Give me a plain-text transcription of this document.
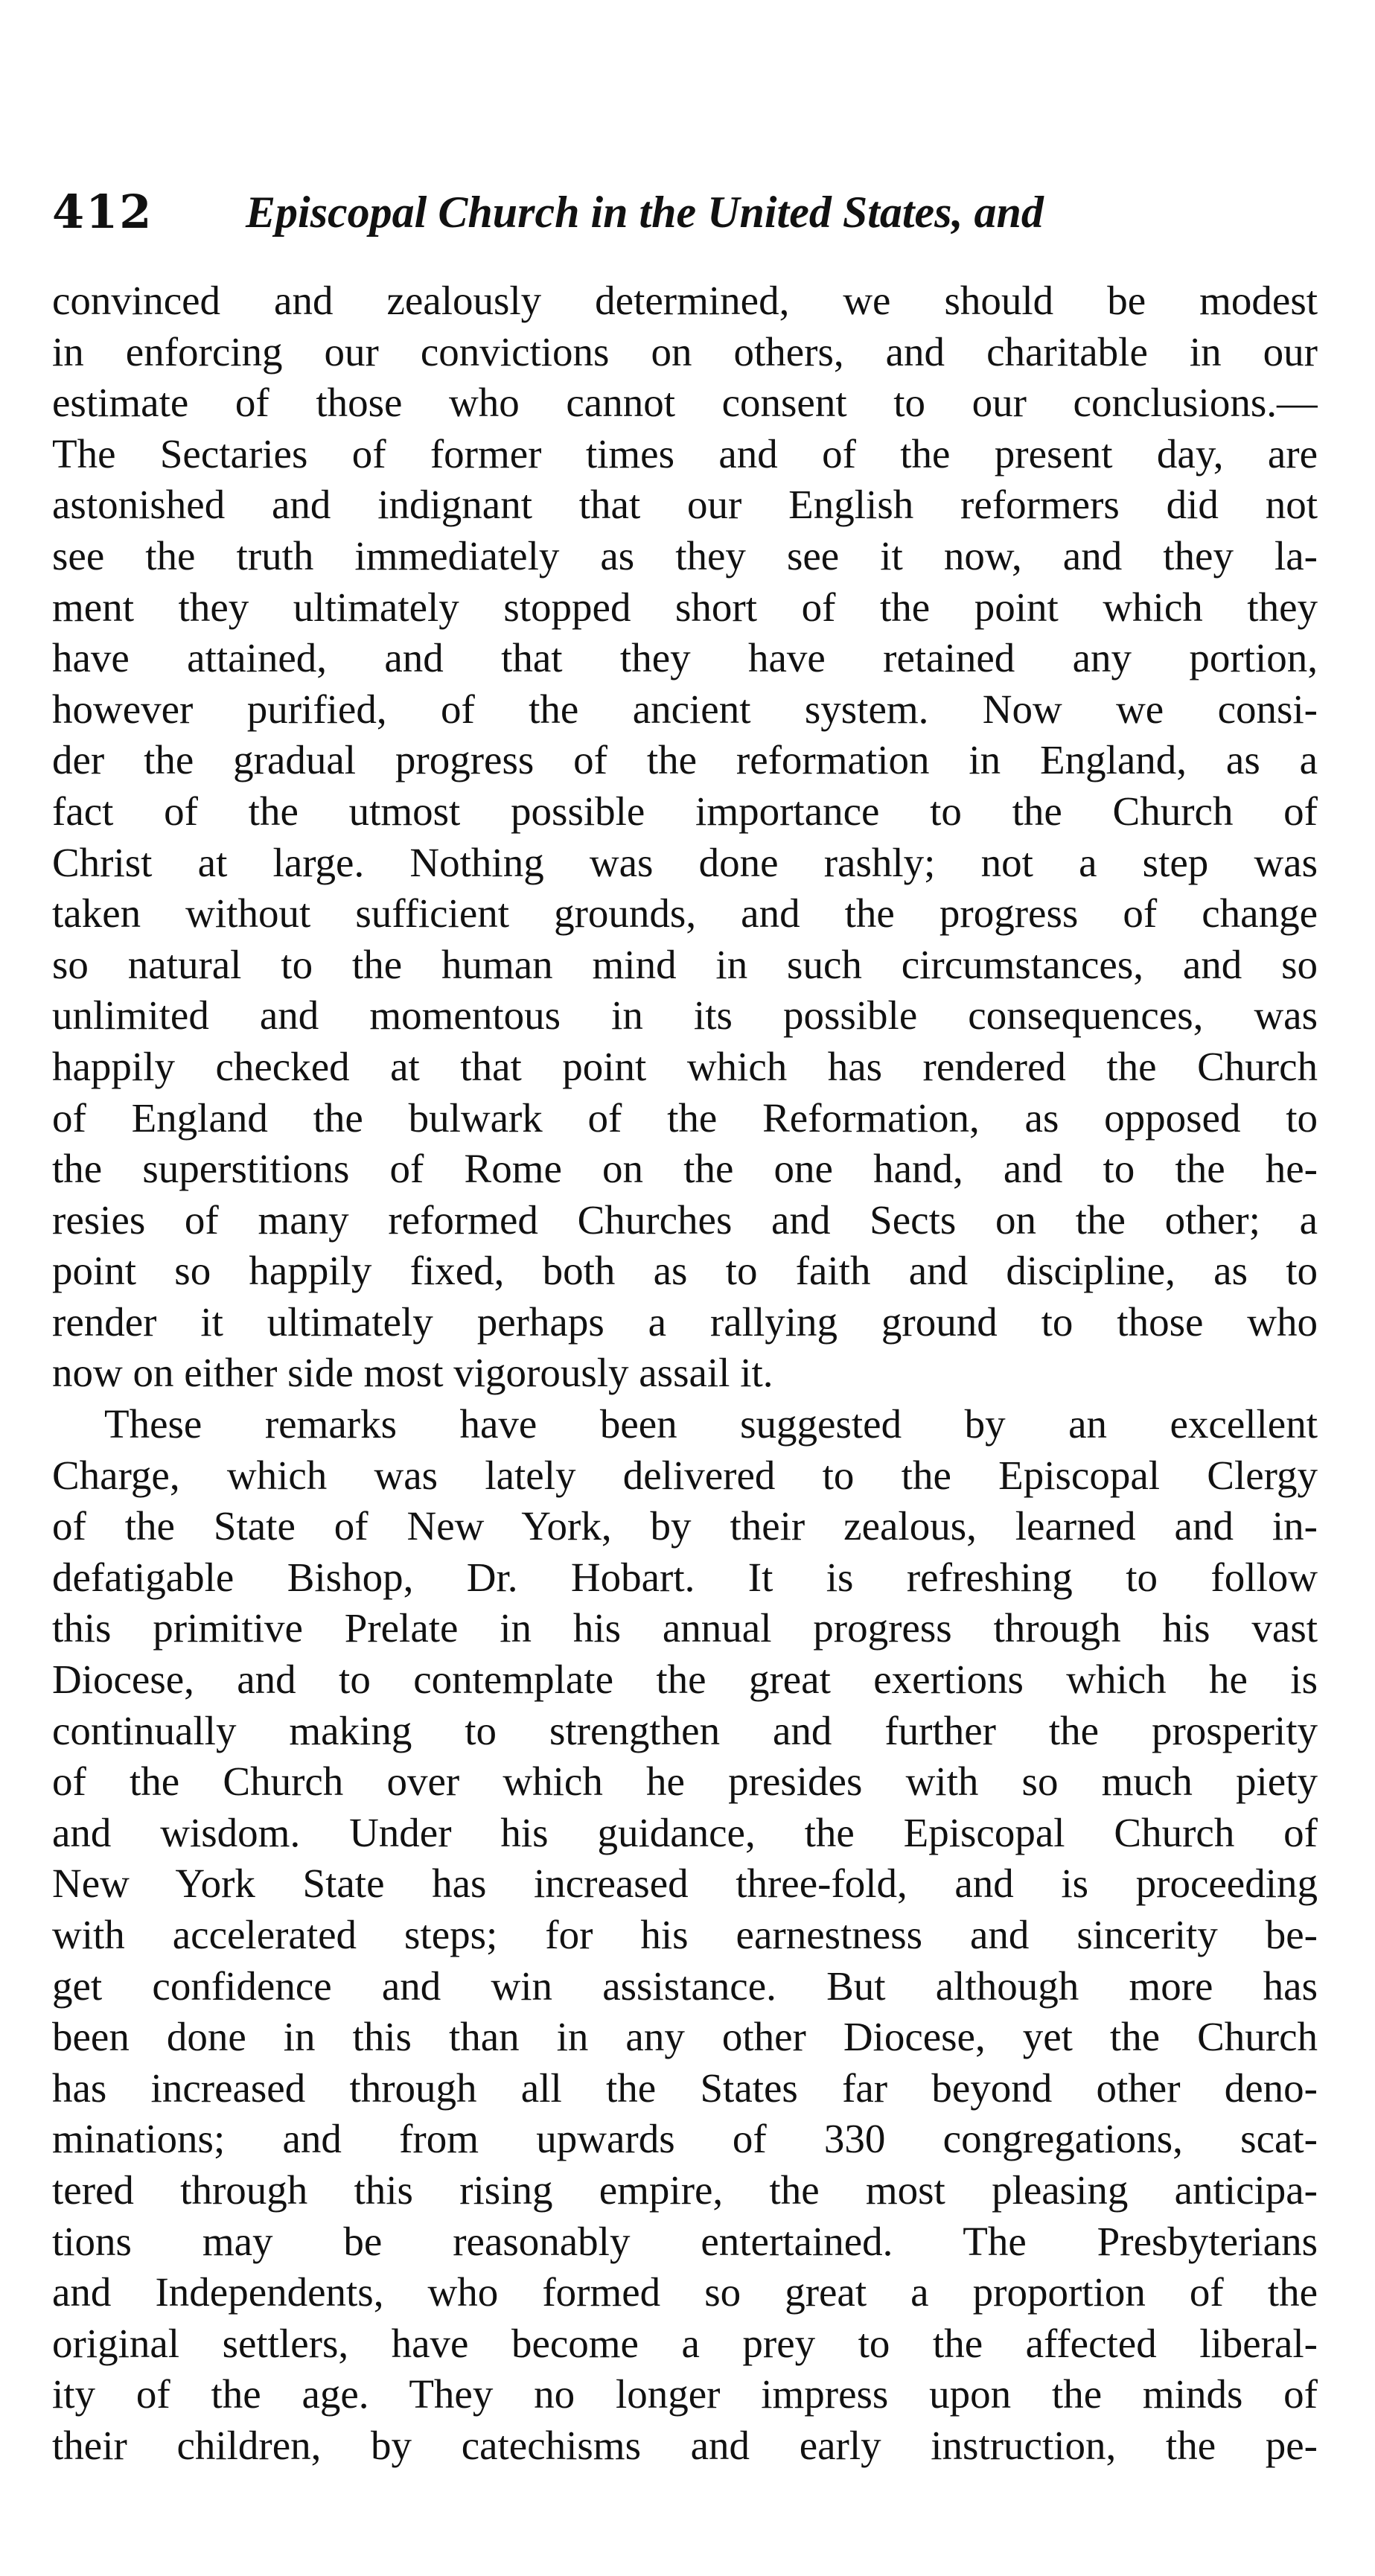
412 Episcopal Church in the United States, and
convinced and zealously determined, we should be modest
in enforcing our convictions on others, and charitable in our
estimate of those who cannot consent to our conclusions.—
The Sectaries of former times and of the present day, are
astonished and indignant that our English reformers did not
see the truth immediately as they see it now, and they la-
ment they ultimately stopped short of the point which they
have attained, and that they have retained any portion,
however purified, of the ancient system. Now we consi-
der the gradual progress of the reformation in England, as a
fact of the utmost possible importance to the Church of
Christ at large. Nothing was done rashly; not a step was
taken without sufficient grounds, and the progress of change
so natural to the human mind in such circumstances, and so
unlimited and momentous in its possible consequences, was
happily checked at that point which has rendered the Church
of England the bulwark of the Reformation, as opposed to
the superstitions of Rome on the one hand, and to the he-
resies of many reformed Churches and Sects on the other; a
point so happily fixed, both as to faith and discipline, as to
render it ultimately perhaps a rallying ground to those who
now on either side most vigorously assail it.
These remarks have been suggested by an excellent
Charge, which was lately delivered to the Episcopal Clergy
of the State of New York, by their zealous, learned and in-
defatigable Bishop, Dr. Hobart. It is refreshing to follow
this primitive Prelate in his annual progress through his vast
Diocese, and to contemplate the great exertions which he is
continually making to strengthen and further the prosperity
of the Church over which he presides with so much piety
and wisdom. Under his guidance, the Episcopal Church of
New York State has increased three-fold, and is proceeding
with accelerated steps; for his earnestness and sincerity be-
get confidence and win assistance. But although more has
been done in this than in any other Diocese, yet the Church
has increased through all the States far beyond other deno-
minations; and from upwards of 330 congregations, scat-
tered through this rising empire, the most pleasing anticipa-
tions may be reasonably entertained. The Presbyterians
and Independents, who formed so great a proportion of the
original settlers, have become a prey to the affected liberal-
ity of the age. They no longer impress upon the minds of
their children, by catechisms and early instruction, the pe-
